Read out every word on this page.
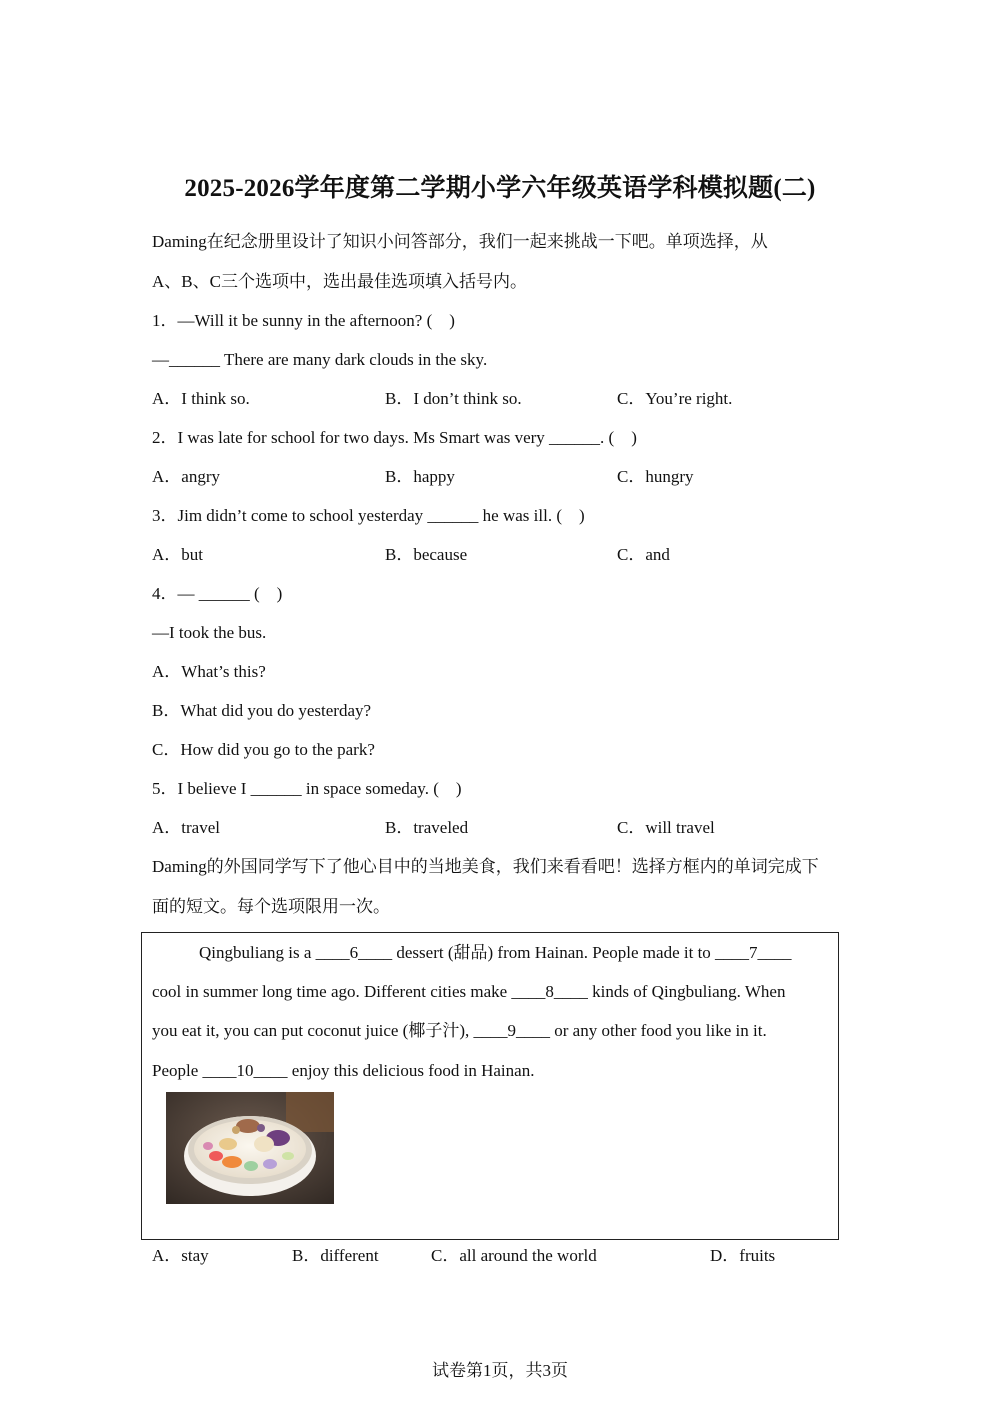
2025-2026学年度第二学期小学六年级英语学科模拟题(二)
Daming在纪念册里设计了知识小问答部分，我们一起来挑战一下吧。单项选择，从
A、B、C三个选项中，选出最佳选项填入括号内。
1．—Will it be sunny in the afternoon? (　)
—______ There are many dark clouds in the sky.
A．I think so.	B．I don’t think so.	C．You’re right.
2．I was late for school for two days. Ms Smart was very ______. (　)
A．angry	B．happy	C．hungry
3．Jim didn’t come to school yesterday ______ he was ill. (　)
A．but	B．because	C．and
4．— ______ (　)
—I took the bus.
A．What’s this?
B．What did you do yesterday?
C．How did you go to the park?
5．I believe I ______ in space someday. (　)
A．travel	B．traveled	C．will travel
Daming的外国同学写下了他心目中的当地美食，我们来看看吧！选择方框内的单词完成下
面的短文。每个选项限用一次。
Qingbuliang is a ____6____ dessert (甜品) from Hainan. People made it to ____7____
cool in summer long time ago. Different cities make ____8____ kinds of Qingbuliang. When
you eat it, you can put coconut juice (椰子汁), ____9____ or any other food you like in it.
People ____10____ enjoy this delicious food in Hainan.
A．stay	B．different	C．all around the world	D．fruits
试卷第1页，共3页
